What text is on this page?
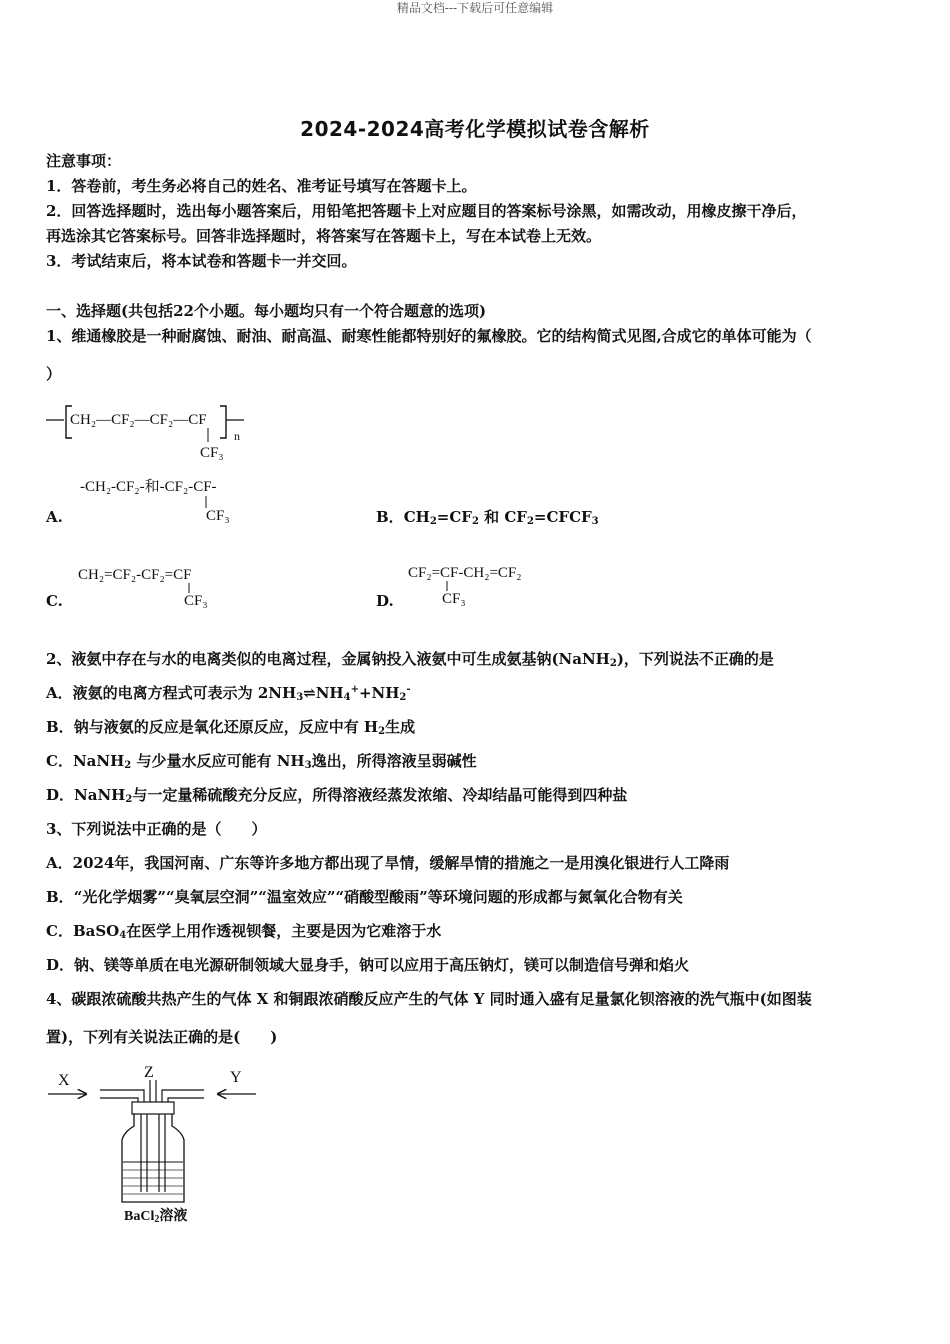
精品文档---下载后可任意编辑
2024-2024高考化学模拟试卷含解析
注意事项：
1．答卷前，考生务必将自己的姓名、准考证号填写在答题卡上。
2．回答选择题时，选出每小题答案后，用铅笔把答题卡上对应题目的答案标号涂黑，如需改动，用橡皮擦干净后，
再选涂其它答案标号。回答非选择题时，将答案写在答题卡上，写在本试卷上无效。
3．考试结束后，将本试卷和答题卡一并交回。
一、选择题(共包括22个小题。每小题均只有一个符合题意的选项)
1、维通橡胶是一种耐腐蚀、耐油、耐高温、耐寒性能都特别好的氟橡胶。它的结构简式见图,合成它的单体可能为（
）
CH₂—CF₂—CF₂—CF
CF₃
n
-CH₂-CF₂-和-CF₂-CF-
CF₃
A.	B．$CH_2=CF_2$ 和 $CF_2=CFCF_3$
CH₂=CF₂-CF₂=CF
CF₃
C.
CF₂=CF-CH₂=CF₂
CF₃
D.
2、液氨中存在与水的电离类似的电离过程，金属钠投入液氨中可生成氨基钠(NaNH$_2$)，下列说法不正确的是
A．液氨的电离方程式可表示为 $2NH_3\rightleftharpoons NH_4^++NH_2^-$
B．钠与液氨的反应是氧化还原反应，反应中有 $H_2$生成
C．NaNH$_2$ 与少量水反应可能有 $NH_3$逸出，所得溶液呈弱碱性
D．NaNH$_2$与一定量稀硫酸充分反应，所得溶液经蒸发浓缩、冷却结晶可能得到四种盐
3、下列说法中正确的是（　　）
A．2024年，我国河南、广东等许多地方都出现了旱情，缓解旱情的措施之一是用溴化银进行人工降雨
B．“光化学烟雾”“臭氧层空洞”“温室效应”“硝酸型酸雨”等环境问题的形成都与氮氧化合物有关
C．BaSO$_4$在医学上用作透视钡餐，主要是因为它难溶于水
D．钠、镁等单质在电光源研制领域大显身手，钠可以应用于高压钠灯，镁可以制造信号弹和焰火
4、碳跟浓硫酸共热产生的气体 X 和铜跟浓硝酸反应产生的气体 Y 同时通入盛有足量氯化钡溶液的洗气瓶中(如图装
置)，下列有关说法正确的是(　　)
X	Z	Y
BaCl$_2$溶液
